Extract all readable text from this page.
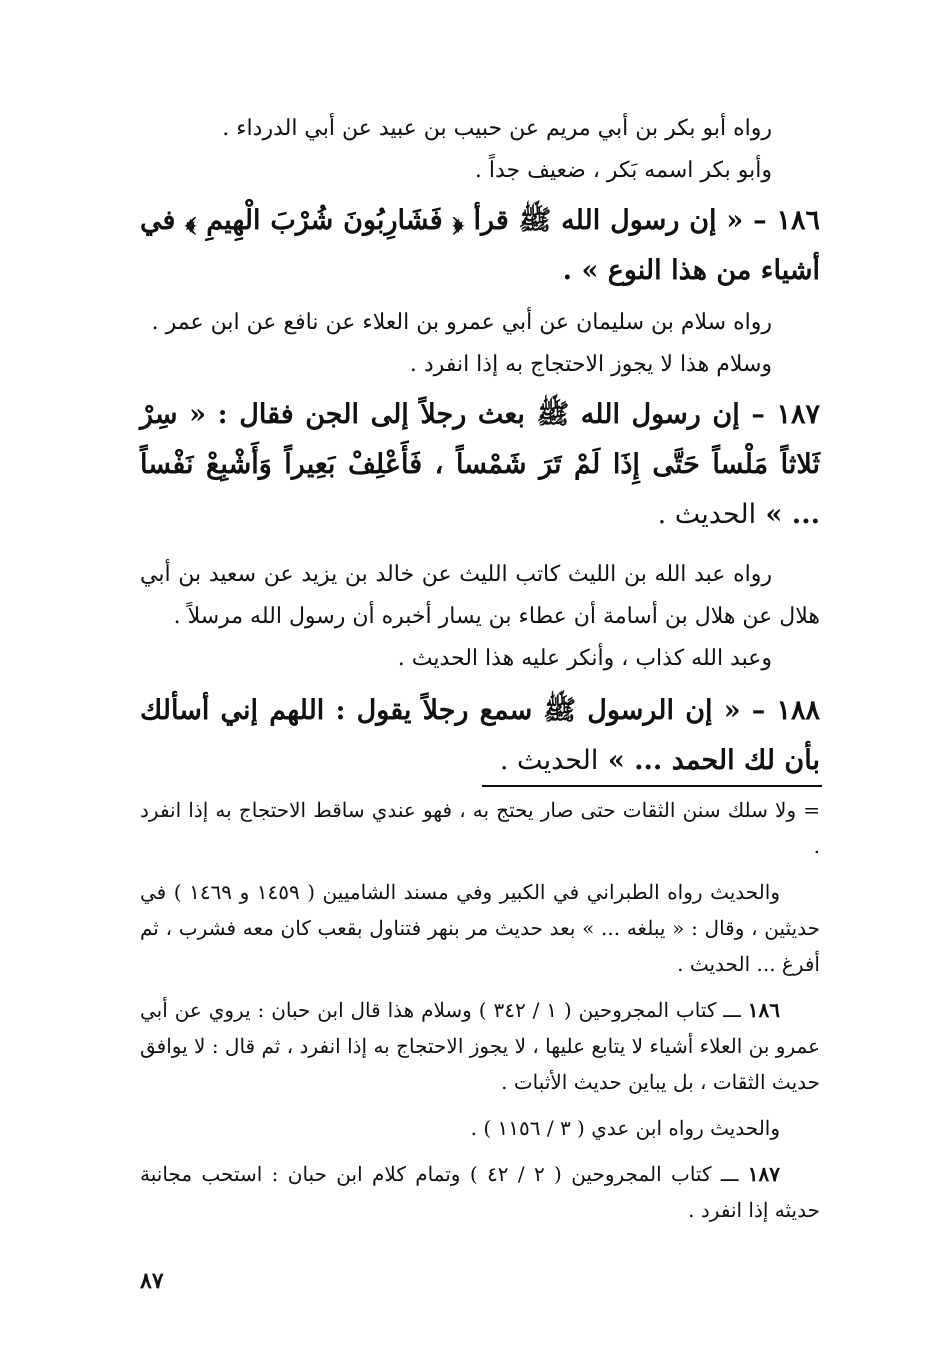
رواه أبو بكر بن أبي مريم عن حبيب بن عبيد عن أبي الدرداء .

وأبو بكر اسمه بَكر ، ضعيف جداً .

١٨٦ – « إن رسول الله ﷺ قرأ ﴿ فَشَارِبُونَ شُرْبَ الْهِيمِ ﴾ في أشياء من هذا النوع » .

رواه سلام بن سليمان عن أبي عمرو بن العلاء عن نافع عن ابن عمر .

وسلام هذا لا يجوز الاحتجاج به إذا انفرد .

١٨٧ – إن رسول الله ﷺ بعث رجلاً إلى الجن فقال : « سِرْ ثَلاثاً مَلْساً حَتَّى إِذَا لَمْ تَرَ شَمْساً ، فَأَعْلِفْ بَعِيراً وَأَشْبِعْ نَفْساً ... » الحديث .

رواه عبد الله بن الليث كاتب الليث عن خالد بن يزيد عن سعيد بن أبي هلال عن هلال بن أسامة أن عطاء بن يسار أخبره أن رسول الله مرسلاً .

وعبد الله كذاب ، وأنكر عليه هذا الحديث .

١٨٨ – « إن الرسول ﷺ سمع رجلاً يقول : اللهم إني أسألك بأن لك الحمد ... » الحديث .

= ولا سلك سنن الثقات حتى صار يحتج به ، فهو عندي ساقط الاحتجاج به إذا انفرد .

والحديث رواه الطبراني في الكبير وفي مسند الشاميين ( ١٤٥٩ و ١٤٦٩ ) في حديثين ، وقال : « يبلغه ... » بعد حديث مر بنهر فتناول بقعب كان معه فشرب ، ثم أفرغ ... الحديث .

١٨٦ ـــ كتاب المجروحين ( ١ / ٣٤٢ ) وسلام هذا قال ابن حبان : يروي عن أبي عمرو بن العلاء أشياء لا يتابع عليها ، لا يجوز الاحتجاج به إذا انفرد ، ثم قال : لا يوافق حديث الثقات ، بل يباين حديث الأثبات .

والحديث رواه ابن عدي ( ٣ / ١١٥٦ ) .

١٨٧ ـــ كتاب المجروحين ( ٢ / ٤٢ ) وتمام كلام ابن حبان : استحب مجانبة حديثه إذا انفرد .

٨٧
